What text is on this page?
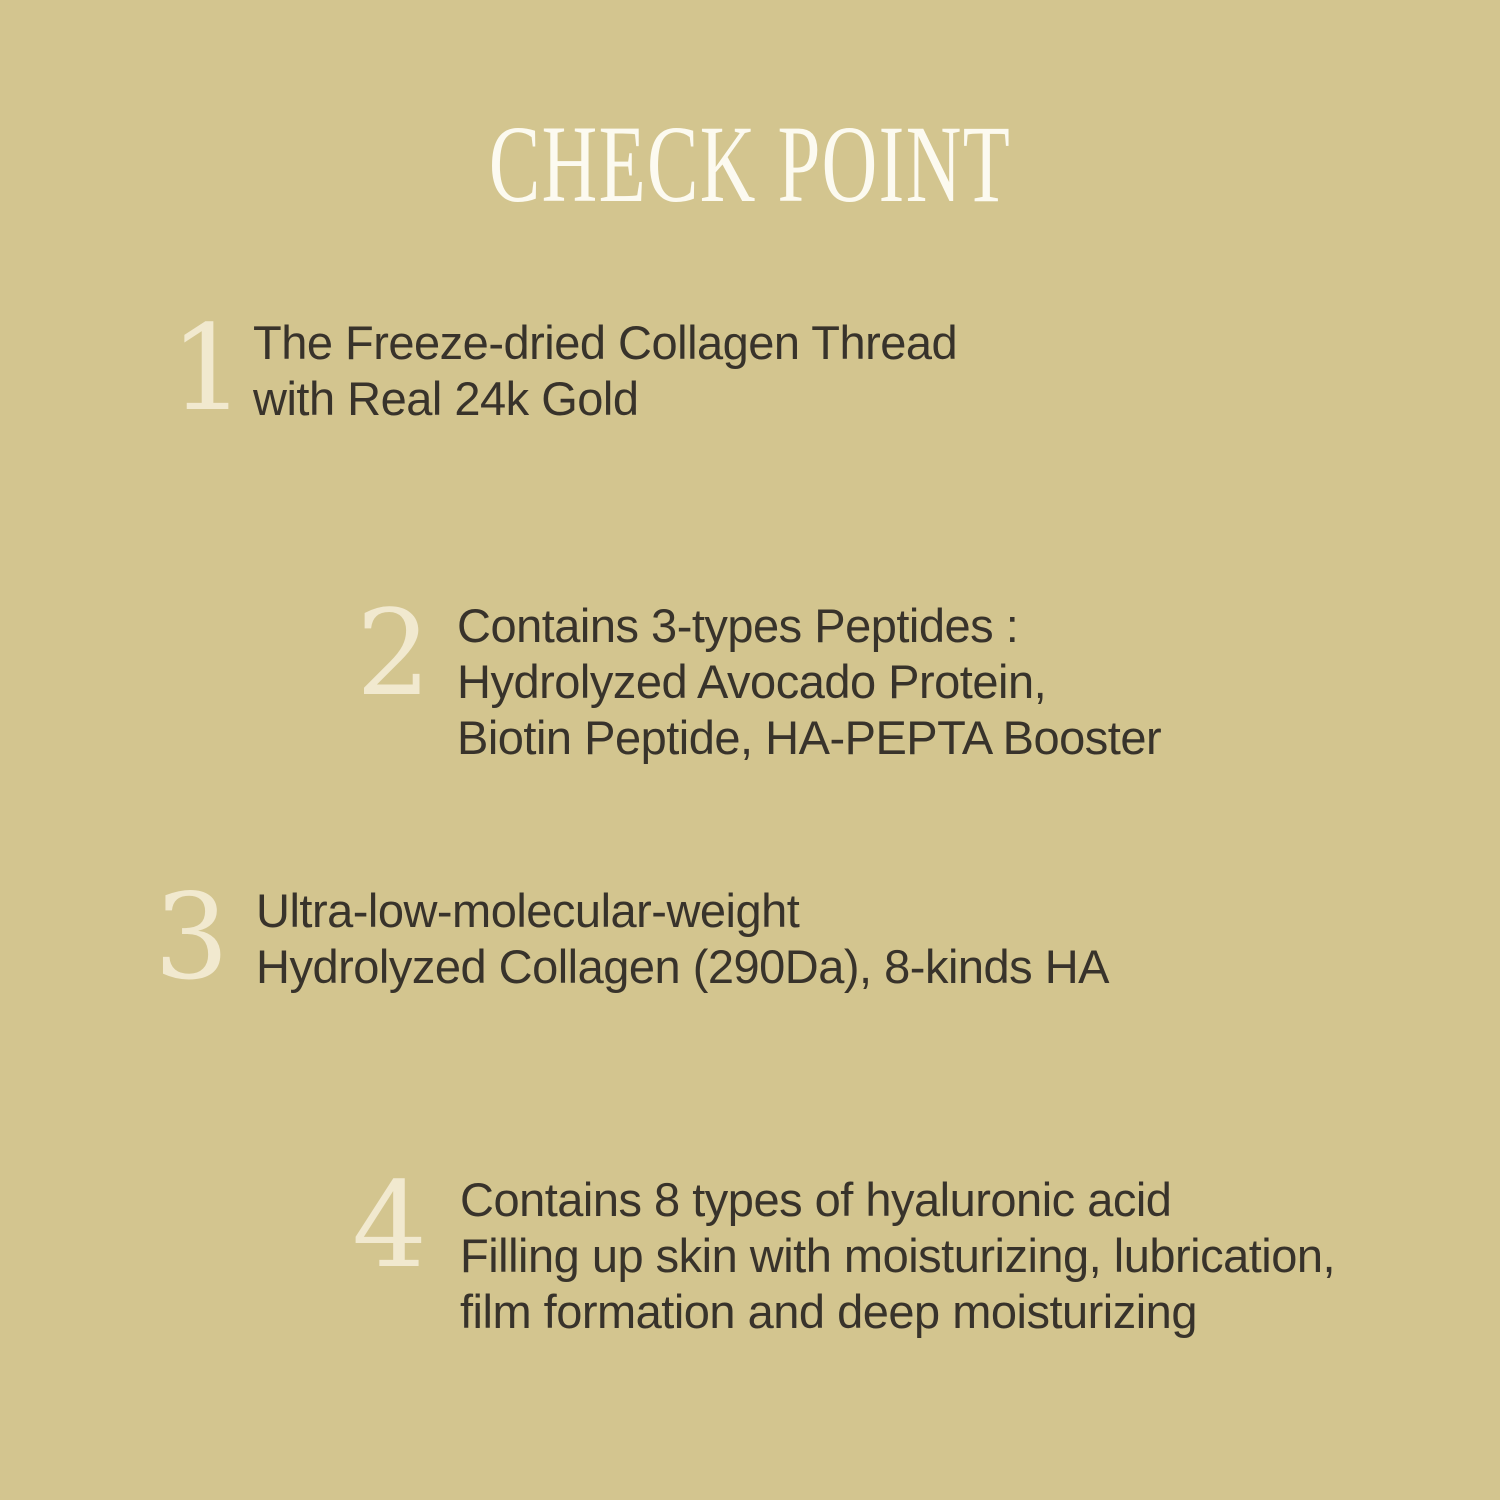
CHECK POINT
1 The Freeze-dried Collagen Thread
with Real 24k Gold
2 Contains 3-types Peptides :
Hydrolyzed Avocado Protein,
Biotin Peptide, HA-PEPTA Booster
3 Ultra-low-molecular-weight
Hydrolyzed Collagen (290Da), 8-kinds HA
4 Contains 8 types of hyaluronic acid
Filling up skin with moisturizing, lubrication,
film formation and deep moisturizing
